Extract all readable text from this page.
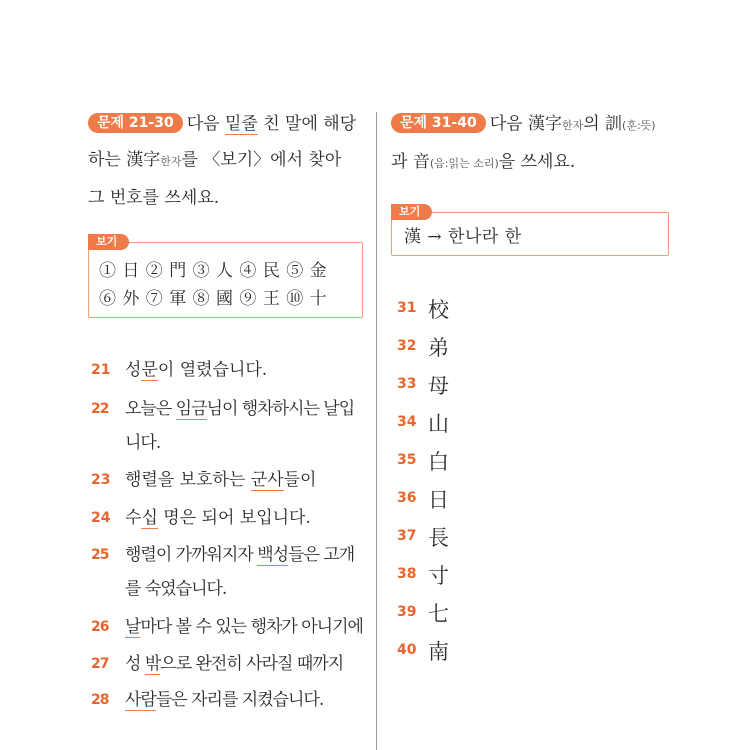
문제 21-30 다음 밑줄 친 말에 해당하는 漢字한자를 〈보기〉에서 찾아 그 번호를 쓰세요.

보기
① 日 ② 門 ③ 人 ④ 民 ⑤ 金
⑥ 外 ⑦ 軍 ⑧ 國 ⑨ 王 ⑩ 十
21 성문이 열렸습니다.
22 오늘은 임금님이 행차하시는 날입니다.
23 행렬을 보호하는 군사들이
24 수십 명은 되어 보입니다.
25 행렬이 가까워지자 백성들은 고개를 숙였습니다.
26 날마다 볼 수 있는 행차가 아니기에
27 성 밖으로 완전히 사라질 때까지
28 사람들은 자리를 지켰습니다.

문제 31-40 다음 漢字한자의 訓(훈:뜻)
과 音(음:읽는 소리)을 쓰세요.

보기
漢 → 한나라 한
31 校
32 弟
33 母
34 山
35 白
36 日
37 長
38 寸
39 七
40 南
